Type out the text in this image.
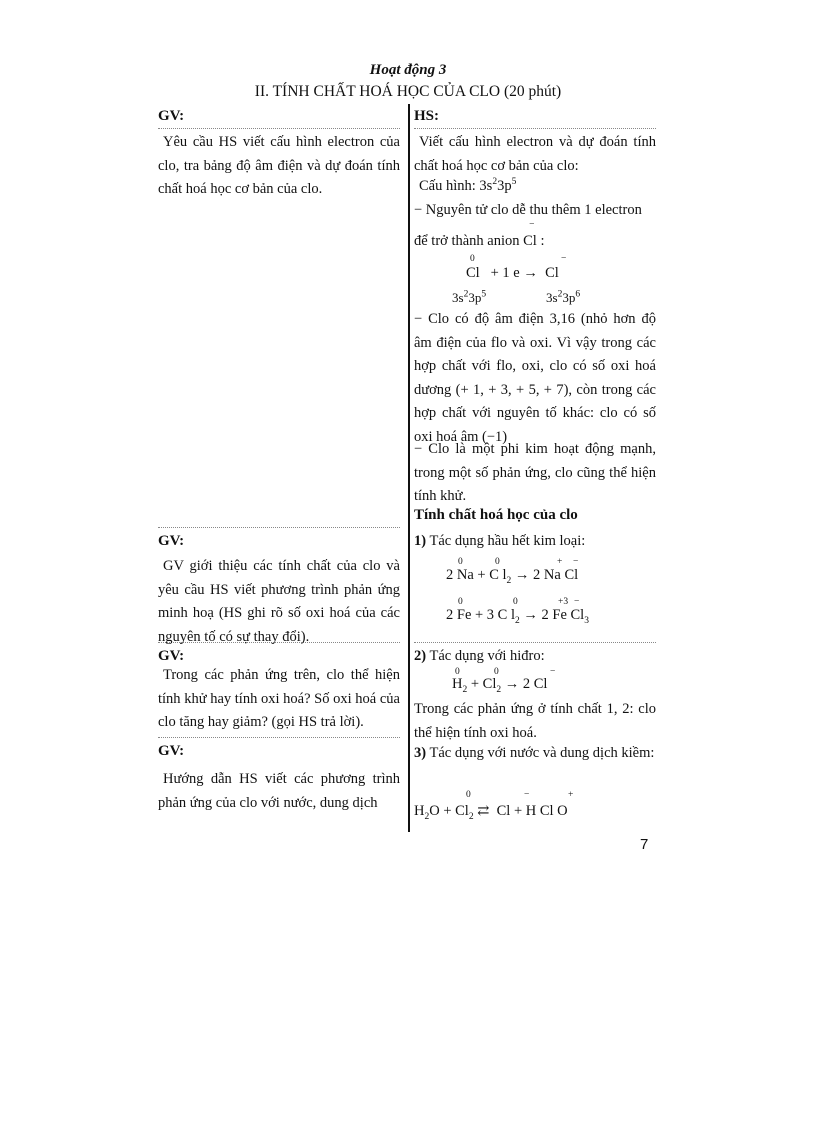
Hoạt động 3
II. TÍNH CHẤT HOÁ HỌC CỦA CLO (20 phút)
GV:
Yêu cầu HS viết cấu hình electron của clo, tra bảng độ âm điện và dự đoán tính chất hoá học cơ bản của clo.
GV:
GV giới thiệu các tính chất của clo và yêu cầu HS viết phương trình phản ứng minh hoạ (HS ghi rõ số oxi hoá của các nguyên tố có sự thay đổi).
GV:
Trong các phản ứng trên, clo thể hiện tính khử hay tính oxi hoá? Số oxi hoá của clo tăng hay giảm? (gọi HS trả lời).
GV:
Hướng dẫn HS viết các phương trình phản ứng của clo với nước, dung dịch
HS:
Viết cấu hình electron và dự đoán tính chất hoá học cơ bản của clo:
Cấu hình: $3s^23p^5$
− Nguyên tử clo dễ thu thêm 1 electron
để trở thành anion
−
Cl :
0	−
Cl + 1 e → Cl
$3s^23p^5$	$3s^23p^6$
− Clo có độ âm điện 3,16 (nhỏ hơn độ âm điện của flo và oxi. Vì vậy trong các hợp chất với flo, oxi, clo có số oxi hoá dương (+ 1, + 3, + 5, + 7), còn trong các hợp chất với nguyên tố khác: clo có số oxi hoá âm (−1)
− Clo là một phi kim hoạt động mạnh, trong một số phản ứng, clo cũng thể hiện tính khử.
Tính chất hoá học của clo
1) Tác dụng hầu hết kim loại:
0	0	+ −
2 Na + C $l_2 \to 2$ Na Cl
0	0	+3 −
2 Fe + 3 C $l_2 \to 2$ Fe $Cl_3$
2) Tác dụng với hiđro:
0	0	−
$H_2 + Cl_2 \to 2$ Cl
Trong các phản ứng ở tính chất 1, 2: clo thể hiện tính oxi hoá.
3) Tác dụng với nước và dung dịch kiềm:
0	−	+
$H_2O + Cl_2$ ⇄ Cl + H Cl O
7
